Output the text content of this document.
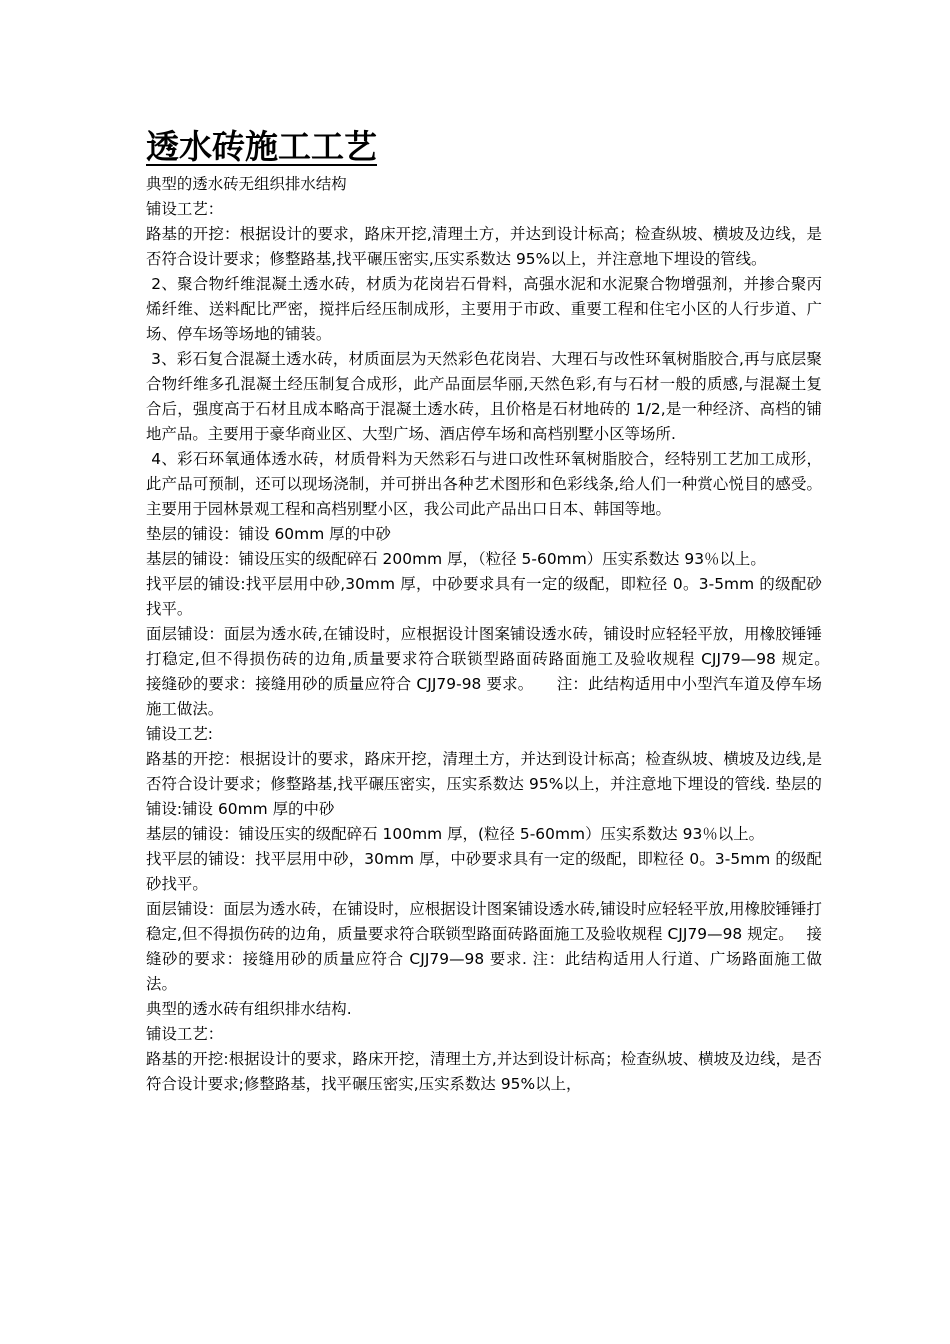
透水砖施工工艺

典型的透水砖无组织排水结构

铺设工艺：

路基的开挖：根据设计的要求，路床开挖,清理土方，并达到设计标高；检查纵坡、横坡及边线，是否符合设计要求；修整路基,找平碾压密实,压实系数达 95%以上，并注意地下埋设的管线。

2、聚合物纤维混凝土透水砖，材质为花岗岩石骨料，高强水泥和水泥聚合物增强剂，并掺合聚丙烯纤维、送料配比严密，搅拌后经压制成形，主要用于市政、重要工程和住宅小区的人行步道、广场、停车场等场地的铺装。

3、彩石复合混凝土透水砖，材质面层为天然彩色花岗岩、大理石与改性环氧树脂胶合,再与底层聚合物纤维多孔混凝土经压制复合成形，此产品面层华丽,天然色彩,有与石材一般的质感,与混凝土复合后，强度高于石材且成本略高于混凝土透水砖，且价格是石材地砖的 1/2,是一种经济、高档的铺地产品。主要用于豪华商业区、大型广场、酒店停车场和高档别墅小区等场所.

4、彩石环氧通体透水砖，材质骨料为天然彩石与进口改性环氧树脂胶合，经特别工艺加工成形，此产品可预制，还可以现场浇制，并可拼出各种艺术图形和色彩线条,给人们一种赏心悦目的感受。主要用于园林景观工程和高档别墅小区，我公司此产品出口日本、韩国等地。

垫层的铺设：铺设 60mm 厚的中砂

基层的铺设：铺设压实的级配碎石 200mm 厚，（粒径 5-60mm）压实系数达 93％以上。

找平层的铺设:找平层用中砂,30mm 厚，中砂要求具有一定的级配，即粒径 0。3-5mm 的级配砂找平。

面层铺设：面层为透水砖,在铺设时，应根据设计图案铺设透水砖，铺设时应轻轻平放，用橡胶锤锤打稳定,但不得损伤砖的边角,质量要求符合联锁型路面砖路面施工及验收规程 CJJ79—98 规定。　 接缝砂的要求：接缝用砂的质量应符合 CJJ79-98 要求。　　注：此结构适用中小型汽车道及停车场施工做法。

铺设工艺:

路基的开挖：根据设计的要求，路床开挖，清理土方，并达到设计标高；检查纵坡、横坡及边线,是否符合设计要求；修整路基,找平碾压密实，压实系数达 95%以上，并注意地下埋设的管线. 垫层的铺设:铺设 60mm 厚的中砂

基层的铺设：铺设压实的级配碎石 100mm 厚，(粒径 5-60mm）压实系数达 93％以上。

找平层的铺设：找平层用中砂，30mm 厚，中砂要求具有一定的级配，即粒径 0。3-5mm 的级配砂找平。

面层铺设：面层为透水砖，在铺设时，应根据设计图案铺设透水砖,铺设时应轻轻平放,用橡胶锤锤打稳定,但不得损伤砖的边角，质量要求符合联锁型路面砖路面施工及验收规程 CJJ79—98 规定。　 接缝砂的要求：接缝用砂的质量应符合 CJJ79—98 要求. 注：此结构适用人行道、广场路面施工做法。

典型的透水砖有组织排水结构.

铺设工艺：

路基的开挖:根据设计的要求，路床开挖，清理土方,并达到设计标高；检查纵坡、横坡及边线，是否符合设计要求;修整路基，找平碾压密实,压实系数达 95%以上，
